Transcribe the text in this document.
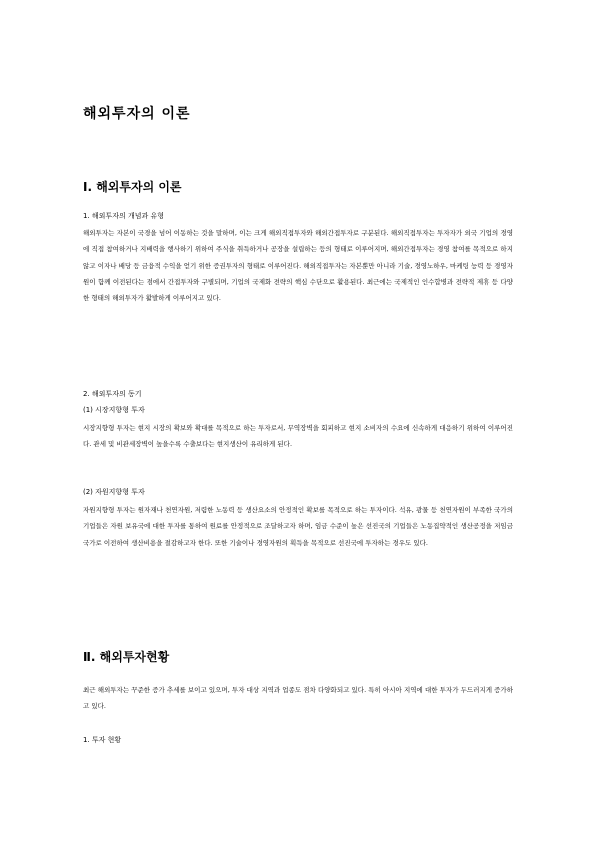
해외투자의 이론
Ⅰ. 해외투자의 이론
1. 해외투자의 개념과 유형

해외투자는 자본이 국경을 넘어 이동하는 것을 말하며, 이는 크게 해외직접투자와 해외간접투자로 구분된다. 해외직접투자는 투자자가 외국 기업의 경영에 직접 참여하거나 지배력을 행사하기 위하여 주식을 취득하거나 공장을 설립하는 등의 형태로 이루어지며, 해외간접투자는 경영 참여를 목적으로 하지 않고 이자나 배당 등 금융적 수익을 얻기 위한 증권투자의 형태로 이루어진다. 해외직접투자는 자본뿐만 아니라 기술, 경영노하우, 마케팅 능력 등 경영자원이 함께 이전된다는 점에서 간접투자와 구별되며, 기업의 국제화 전략의 핵심 수단으로 활용된다. 최근에는 국제적인 인수합병과 전략적 제휴 등 다양한 형태의 해외투자가 활발하게 이루어지고 있다.

2. 해외투자의 동기
(1) 시장지향형 투자

시장지향형 투자는 현지 시장의 확보와 확대를 목적으로 하는 투자로서, 무역장벽을 회피하고 현지 소비자의 수요에 신속하게 대응하기 위하여 이루어진다. 관세 및 비관세장벽이 높을수록 수출보다는 현지생산이 유리하게 된다.

(2) 자원지향형 투자

자원지향형 투자는 원자재나 천연자원, 저렴한 노동력 등 생산요소의 안정적인 확보를 목적으로 하는 투자이다. 석유, 광물 등 천연자원이 부족한 국가의 기업들은 자원 보유국에 대한 투자를 통하여 원료를 안정적으로 조달하고자 하며, 임금 수준이 높은 선진국의 기업들은 노동집약적인 생산공정을 저임금 국가로 이전하여 생산비용을 절감하고자 한다. 또한 기술이나 경영자원의 획득을 목적으로 선진국에 투자하는 경우도 있다.

Ⅱ. 해외투자현황

최근 해외투자는 꾸준한 증가 추세를 보이고 있으며, 투자 대상 지역과 업종도 점차 다양화되고 있다. 특히 아시아 지역에 대한 투자가 두드러지게 증가하고 있다.

1. 투자 현황
